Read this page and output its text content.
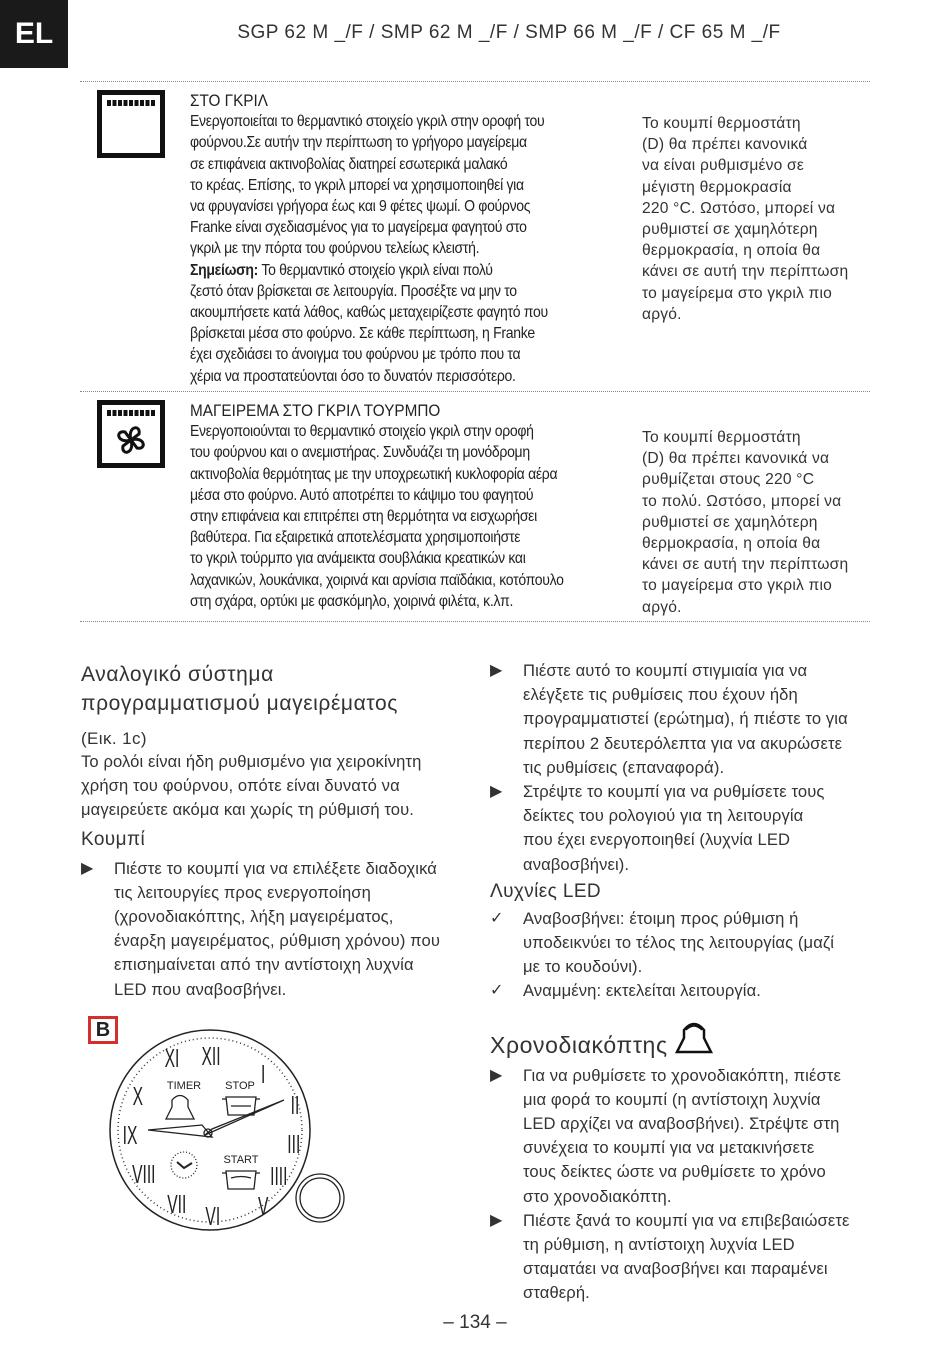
EL	SGP 62 M _/F / SMP 62 M _/F / SMP 66 M _/F / CF 65 M _/F
ΣΤΟ ΓΚΡΙΛ
Ενεργοποιείται το θερμαντικό στοιχείο γκριλ στην οροφή του
φούρνου.Σε αυτήν την περίπτωση το γρήγορο μαγείρεμα
σε επιφάνεια ακτινοβολίας διατηρεί εσωτερικά μαλακό
το κρέας. Επίσης, το γκριλ μπορεί να χρησιμοποιηθεί για
να φρυγανίσει γρήγορα έως και 9 φέτες ψωμί. Ο φούρνος
Franke είναι σχεδιασμένος για το μαγείρεμα φαγητού στο
γκριλ με την πόρτα του φούρνου τελείως κλειστή.
Σημείωση: Το θερμαντικό στοιχείο γκριλ είναι πολύ
ζεστό όταν βρίσκεται σε λειτουργία. Προσέξτε να μην το
ακουμπήσετε κατά λάθος, καθώς μεταχειρίζεστε φαγητό που
βρίσκεται μέσα στο φούρνο. Σε κάθε περίπτωση, η Franke
έχει σχεδιάσει το άνοιγμα του φούρνου με τρόπο που τα
χέρια να προστατεύονται όσο το δυνατόν περισσότερο.
Το κουμπί θερμοστάτη
(D) θα πρέπει κανονικά
να είναι ρυθμισμένο σε
μέγιστη θερμοκρασία
220 °C. Ωστόσο, μπορεί να
ρυθμιστεί σε χαμηλότερη
θερμοκρασία, η οποία θα
κάνει σε αυτή την περίπτωση
το μαγείρεμα στο γκριλ πιο
αργό.
ΜΑΓΕΙΡΕΜΑ ΣΤΟ ΓΚΡΙΛ ΤΟΥΡΜΠΟ
Ενεργοποιούνται το θερμαντικό στοιχείο γκριλ στην οροφή
του φούρνου και ο ανεμιστήρας. Συνδυάζει τη μονόδρομη
ακτινοβολία θερμότητας με την υποχρεωτική κυκλοφορία αέρα
μέσα στο φούρνο. Αυτό αποτρέπει το κάψιμο του φαγητού
στην επιφάνεια και επιτρέπει στη θερμότητα να εισχωρήσει
βαθύτερα. Για εξαιρετικά αποτελέσματα χρησιμοποιήστε
το γκριλ τούρμπο για ανάμεικτα σουβλάκια κρεατικών και
λαχανικών, λουκάνικα, χοιρινά και αρνίσια παϊδάκια, κοτόπουλο
στη σχάρα, ορτύκι με φασκόμηλο, χοιρινά φιλέτα, κ.λπ.
Το κουμπί θερμοστάτη
(D) θα πρέπει κανονικά να
ρυθμίζεται στους 220 °C
το πολύ. Ωστόσο, μπορεί να
ρυθμιστεί σε χαμηλότερη
θερμοκρασία, η οποία θα
κάνει σε αυτή την περίπτωση
το μαγείρεμα στο γκριλ πιο
αργό.
Αναλογικό σύστημα
προγραμματισμού μαγειρέματος
(Εικ. 1c)
Το ρολόι είναι ήδη ρυθμισμένο για χειροκίνητη
χρήση του φούρνου, οπότε είναι δυνατό να
μαγειρεύετε ακόμα και χωρίς τη ρύθμισή του.
Κουμπί
▶ Πιέστε το κουμπί για να επιλέξετε διαδοχικά
τις λειτουργίες προς ενεργοποίηση
(χρονοδιακόπτης, λήξη μαγειρέματος,
έναρξη μαγειρέματος, ρύθμιση χρόνου) που
επισημαίνεται από την αντίστοιχη λυχνία
LED που αναβοσβήνει.
B
XII
I
II
III
IIII
V
VI
VII
VIII
IX
X
XI
TIMER STOP
START
▶ Πιέστε αυτό το κουμπί στιγμιαία για να
ελέγξετε τις ρυθμίσεις που έχουν ήδη
προγραμματιστεί (ερώτημα), ή πιέστε το για
περίπου 2 δευτερόλεπτα για να ακυρώσετε
τις ρυθμίσεις (επαναφορά).
▶ Στρέψτε το κουμπί για να ρυθμίσετε τους
δείκτες του ρολογιού για τη λειτουργία
που έχει ενεργοποιηθεί (λυχνία LED
αναβοσβήνει).
Λυχνίες LED
✓ Αναβοσβήνει: έτοιμη προς ρύθμιση ή
υποδεικνύει το τέλος της λειτουργίας (μαζί
με το κουδούνι).
✓ Αναμμένη: εκτελείται λειτουργία.
Χρονοδιακόπτης
▶ Για να ρυθμίσετε το χρονοδιακόπτη, πιέστε
μια φορά το κουμπί (η αντίστοιχη λυχνία
LED αρχίζει να αναβοσβήνει). Στρέψτε στη
συνέχεια το κουμπί για να μετακινήσετε
τους δείκτες ώστε να ρυθμίσετε το χρόνο
στο χρονοδιακόπτη.
▶ Πιέστε ξανά το κουμπί για να επιβεβαιώσετε
τη ρύθμιση, η αντίστοιχη λυχνία LED
σταματάει να αναβοσβήνει και παραμένει
σταθερή.
– 134 –
